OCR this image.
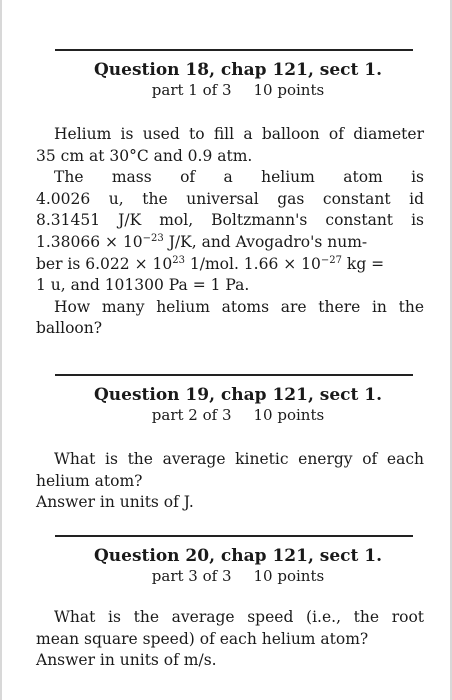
Question 18, chap 121, sect 1.
part 1 of 3 10 points
Helium is used to fill a balloon of diameter
35 cm at 30°C and 0.9 atm.
The mass of a helium atom is
4.0026 u, the universal gas constant id
8.31451 J/K mol, Boltzmann's constant is
$1.38066 \times 10^{-23}$ J/K, and Avogadro's num-
ber is $6.022 \times 10^{23}$ 1/mol. $1.66 \times 10^{-27}$ kg =
1 u, and 101300 Pa = 1 Pa.
How many helium atoms are there in the
balloon?
Question 19, chap 121, sect 1.
part 2 of 3 10 points
What is the average kinetic energy of each
helium atom?
Answer in units of J.
Question 20, chap 121, sect 1.
part 3 of 3 10 points
What is the average speed (i.e., the root
mean square speed) of each helium atom?
Answer in units of m/s.
